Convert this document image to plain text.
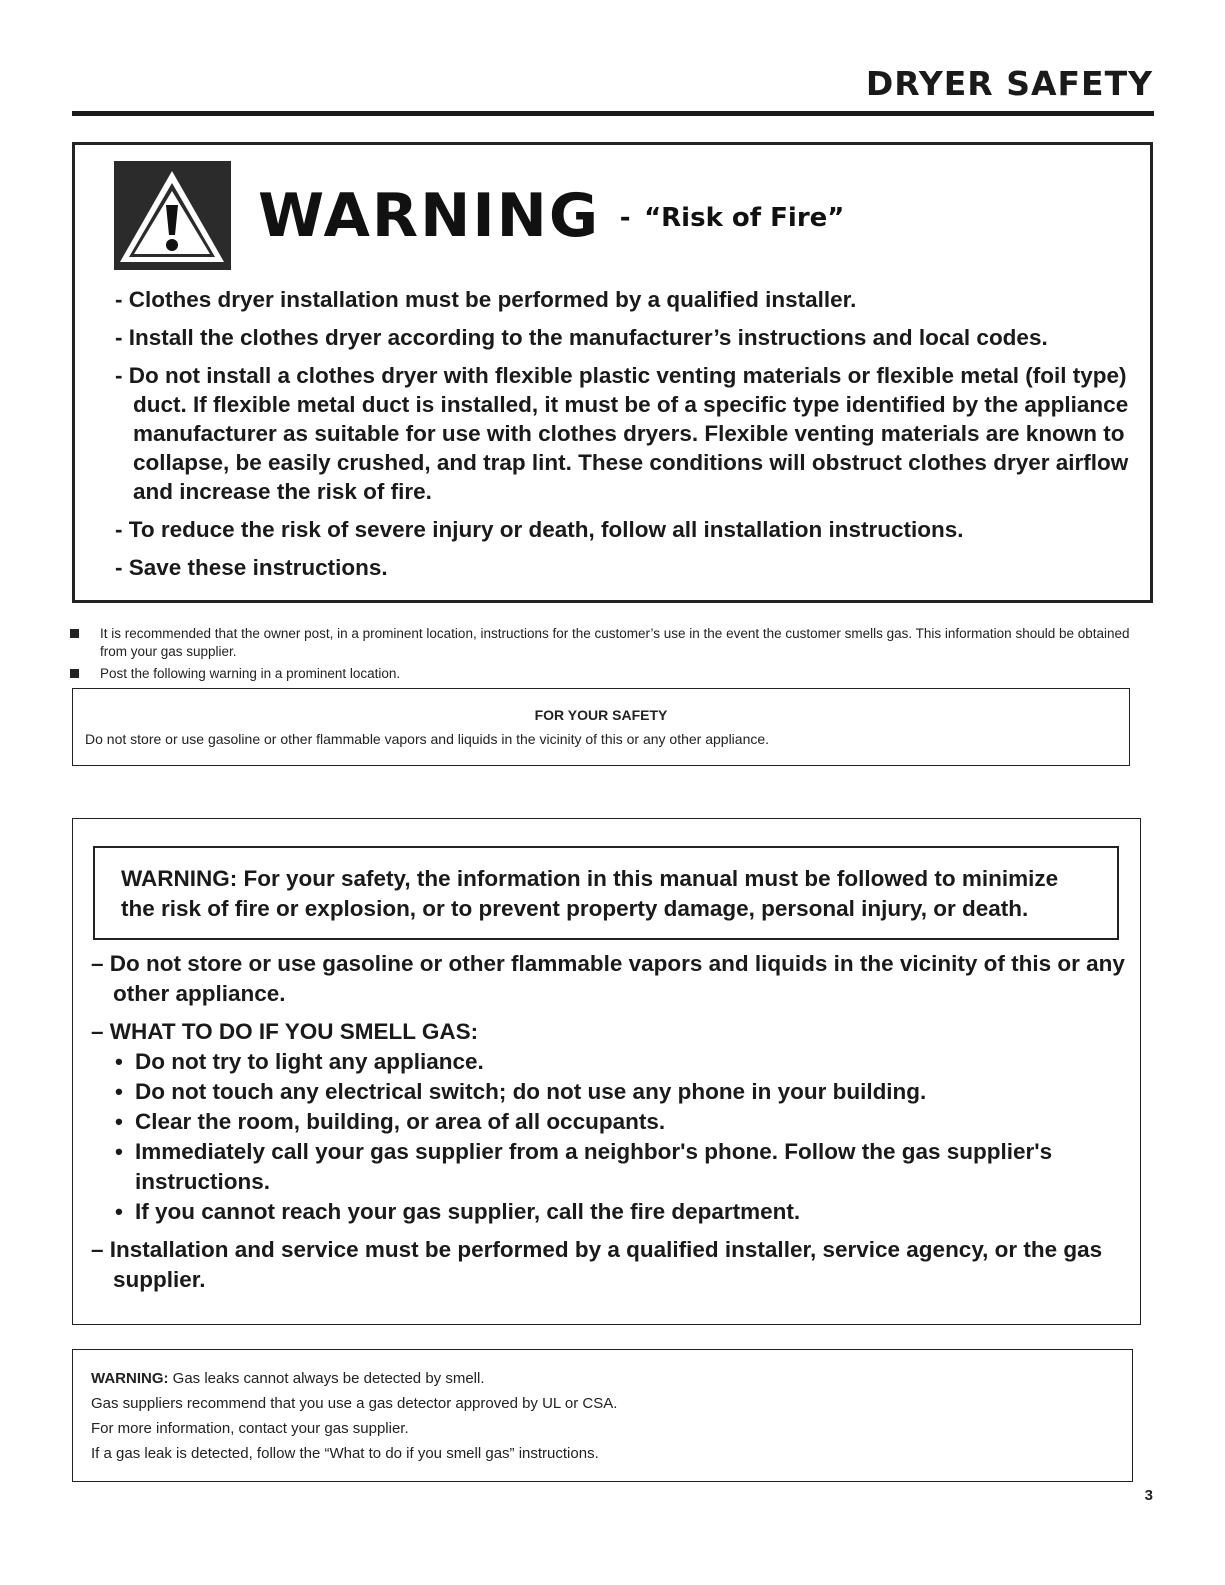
DRYER SAFETY
WARNING - “Risk of Fire”
- Clothes dryer installation must be performed by a qualified installer.
- Install the clothes dryer according to the manufacturer’s instructions and local codes.
- Do not install a clothes dryer with flexible plastic venting materials or flexible metal (foil type) duct. If flexible metal duct is installed, it must be of a specific type identified by the appliance manufacturer as suitable for use with clothes dryers. Flexible venting materials are known to collapse, be easily crushed, and trap lint. These conditions will obstruct clothes dryer airflow and increase the risk of fire.
- To reduce the risk of severe injury or death, follow all installation instructions.
- Save these instructions.
It is recommended that the owner post, in a prominent location, instructions for the customer’s use in the event the customer smells gas. This information should be obtained from your gas supplier.
Post the following warning in a prominent location.
FOR YOUR SAFETY
Do not store or use gasoline or other flammable vapors and liquids in the vicinity of this or any other appliance.
WARNING: For your safety, the information in this manual must be followed to minimize
the risk of fire or explosion, or to prevent property damage, personal injury, or death.
– Do not store or use gasoline or other flammable vapors and liquids in the vicinity of this or any other appliance.
– WHAT TO DO IF YOU SMELL GAS:
• Do not try to light any appliance.
• Do not touch any electrical switch; do not use any phone in your building.
• Clear the room, building, or area of all occupants.
• Immediately call your gas supplier from a neighbor's phone. Follow the gas supplier's instructions.
• If you cannot reach your gas supplier, call the fire department.
– Installation and service must be performed by a qualified installer, service agency, or the gas supplier.
WARNING: Gas leaks cannot always be detected by smell.
Gas suppliers recommend that you use a gas detector approved by UL or CSA.
For more information, contact your gas supplier.
If a gas leak is detected, follow the “What to do if you smell gas” instructions.
3
